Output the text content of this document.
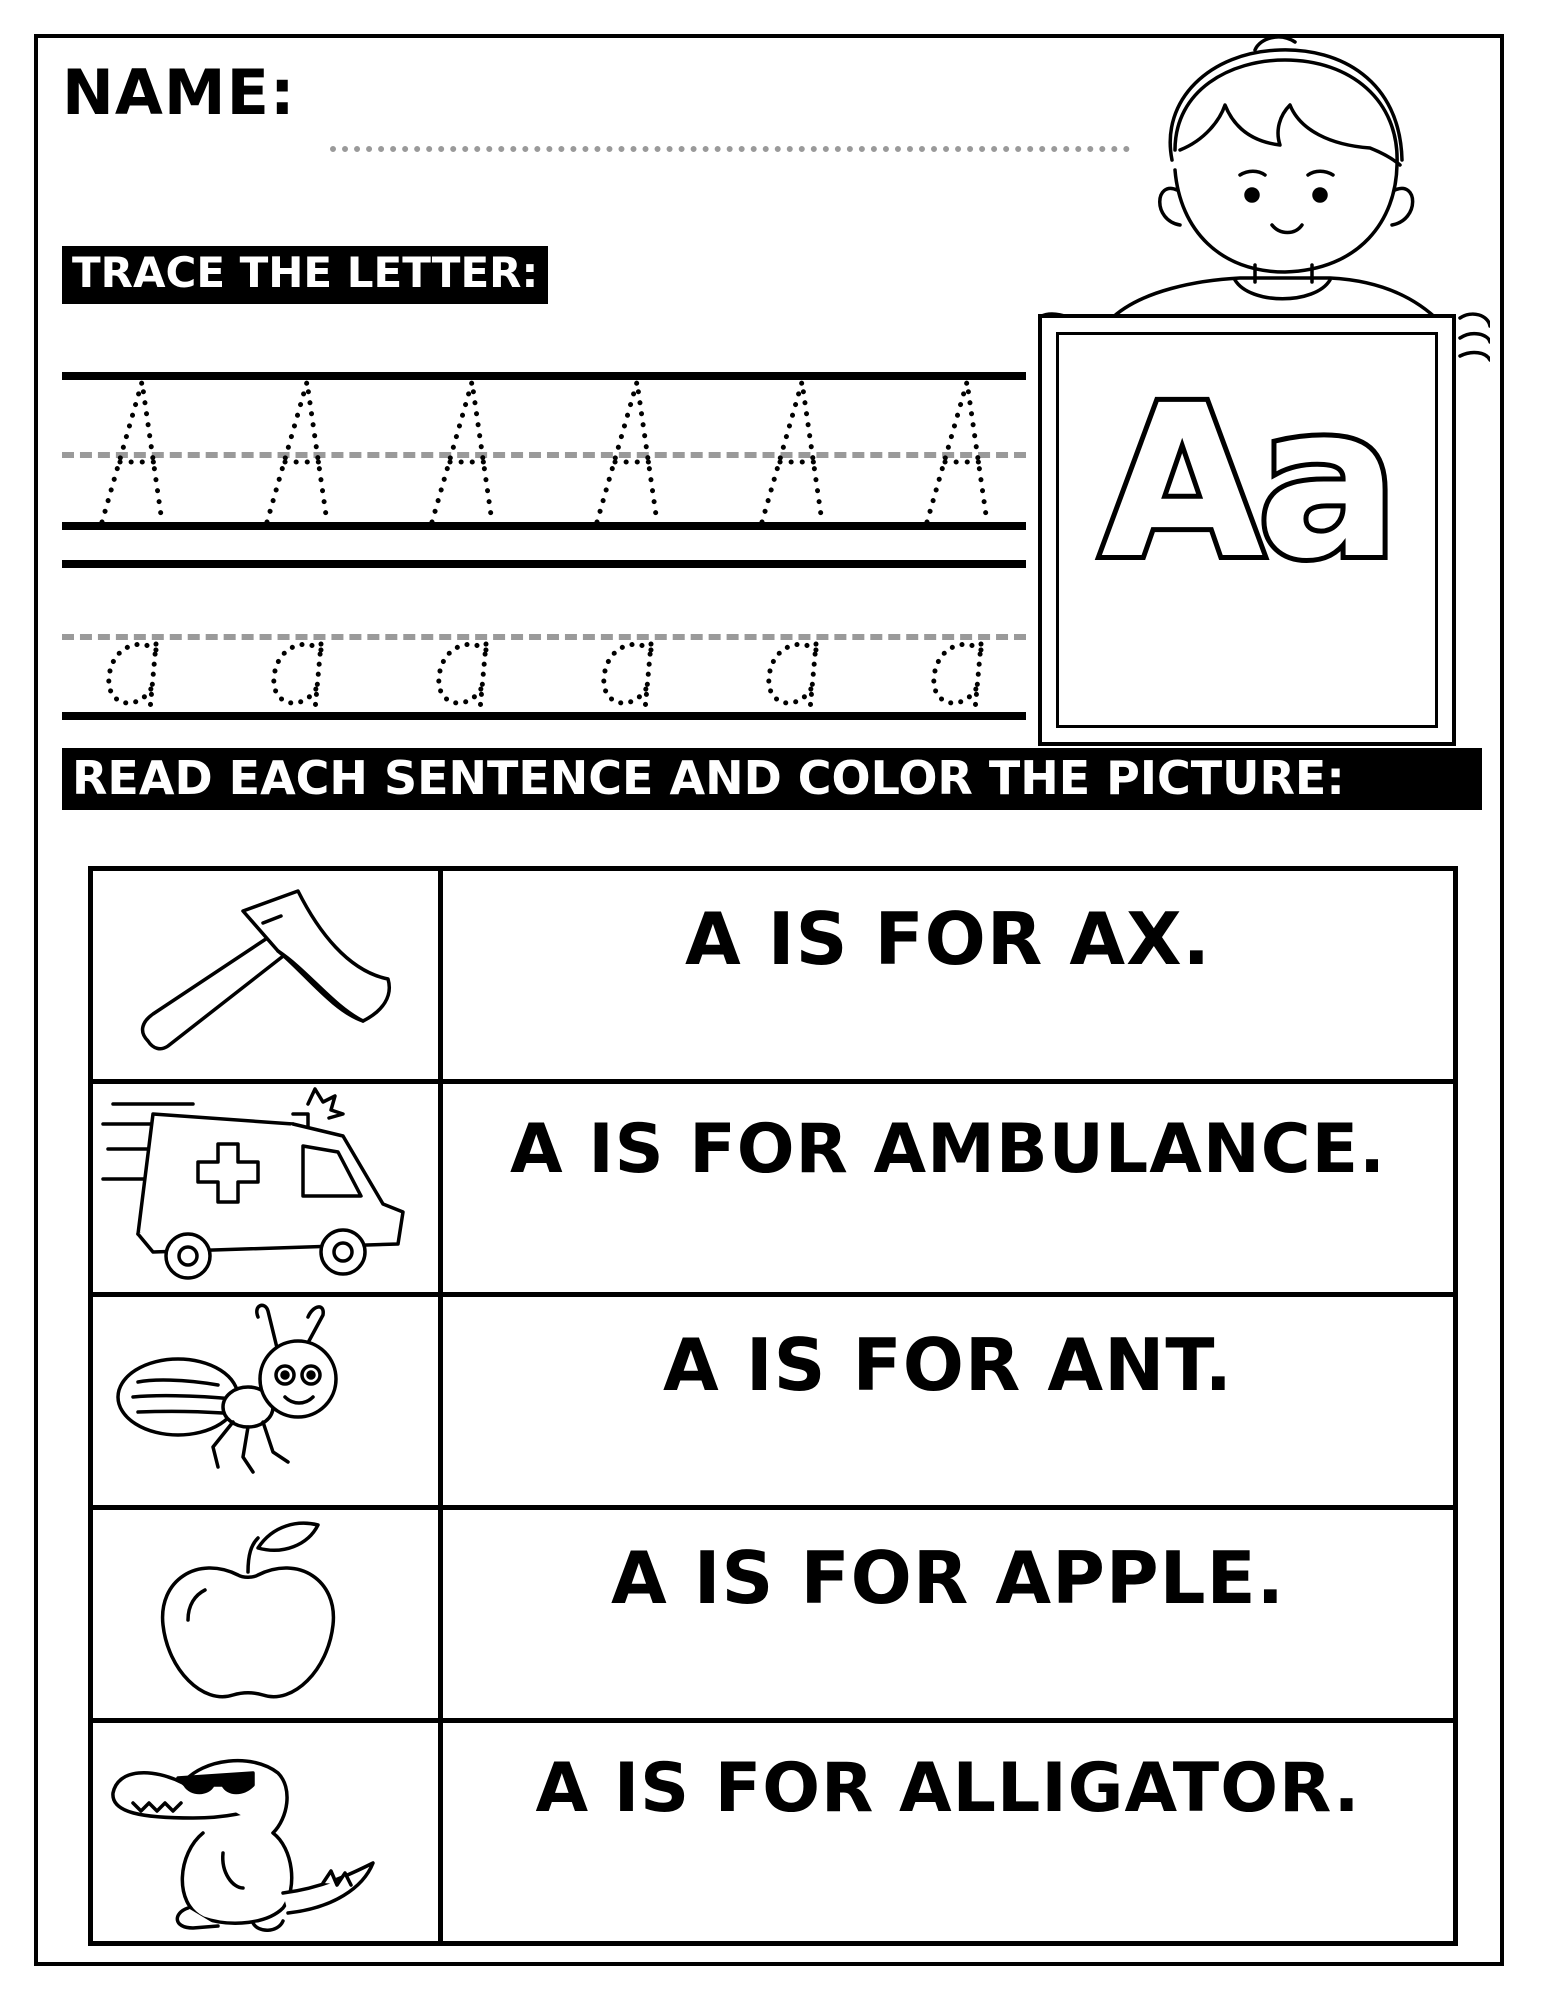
NAME:
TRACE THE LETTER:
Aa
READ EACH SENTENCE AND COLOR THE PICTURE:
A IS FOR AX.
A IS FOR AMBULANCE.
A IS FOR ANT.
A IS FOR APPLE.
A IS FOR ALLIGATOR.
